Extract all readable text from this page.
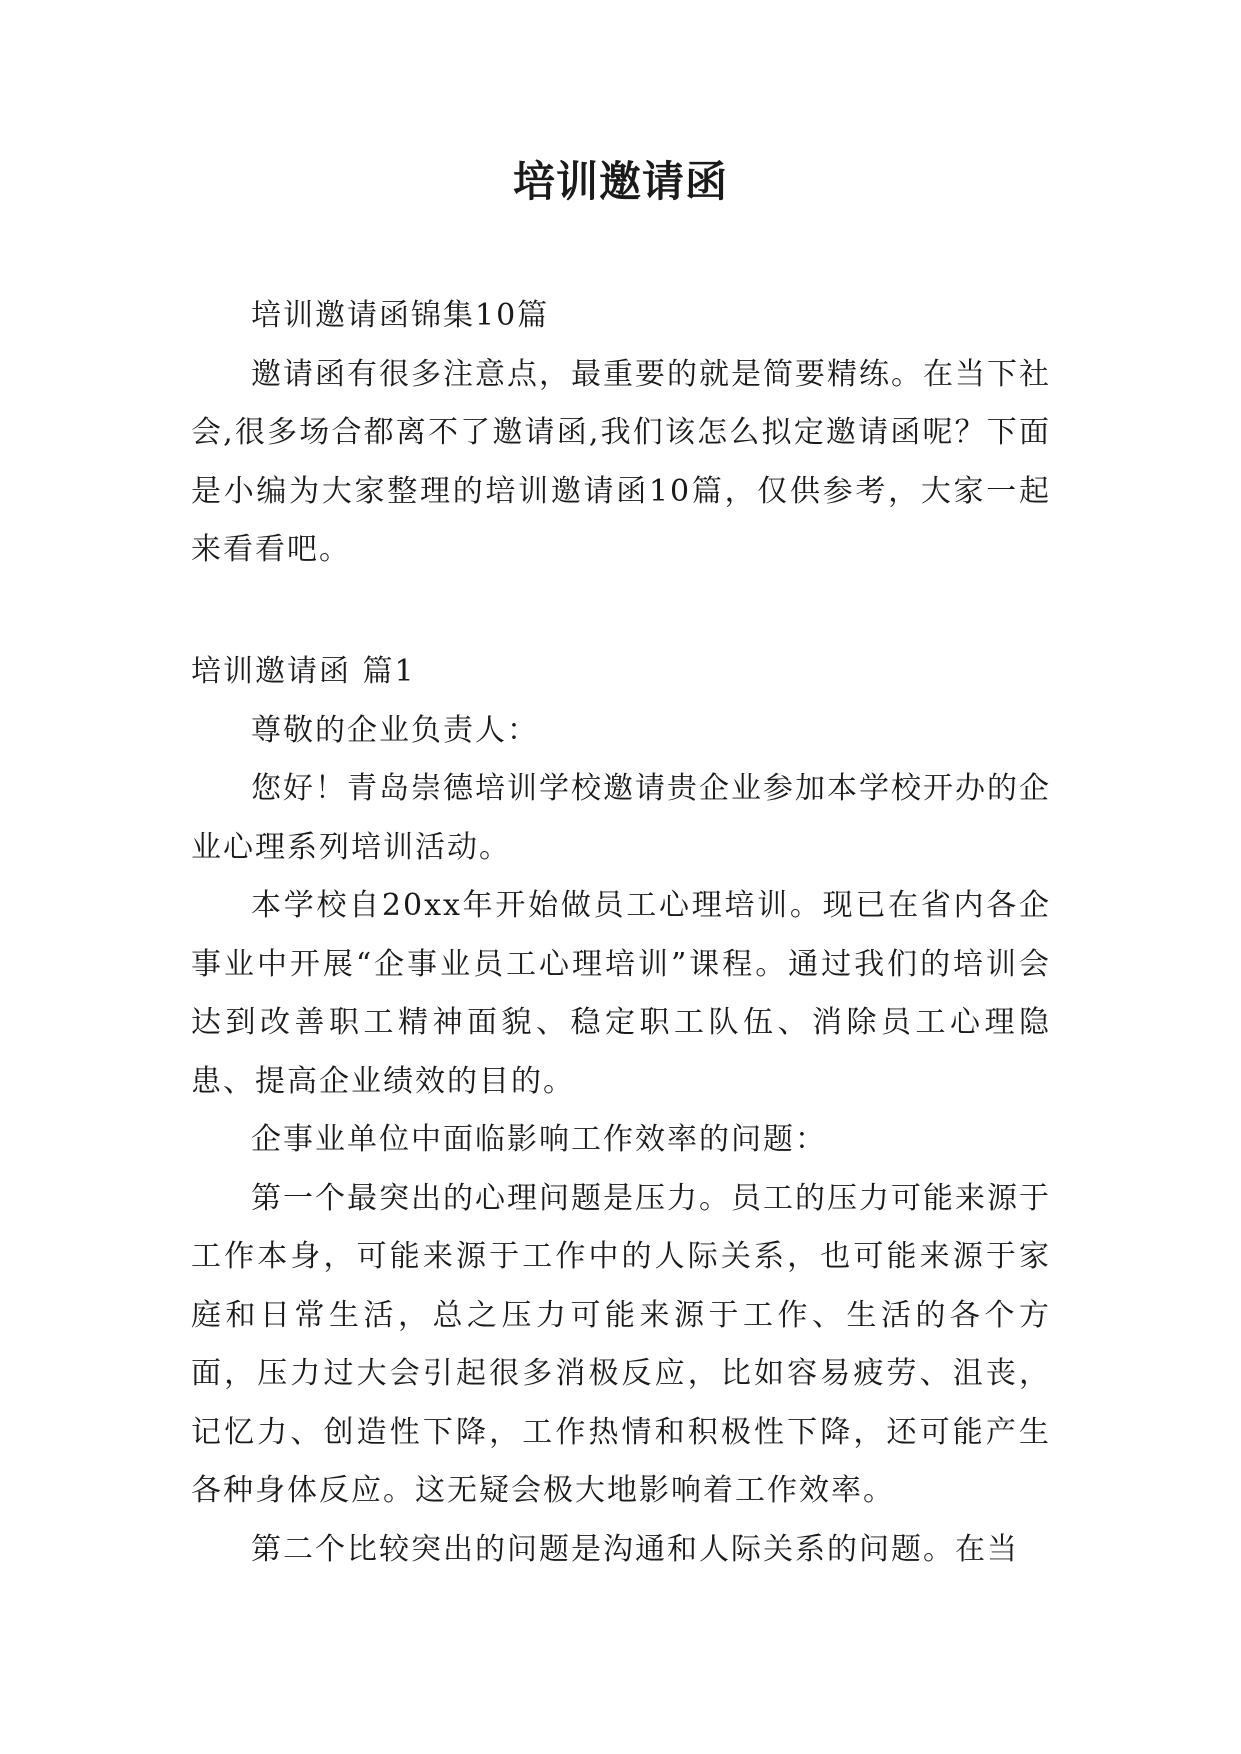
培训邀请函

培训邀请函锦集10篇

邀请函有很多注意点，最重要的就是简要精练。在当下社会,很多场合都离不了邀请函,我们该怎么拟定邀请函呢？下面是小编为大家整理的培训邀请函10篇，仅供参考，大家一起来看看吧。

培训邀请函 篇1

尊敬的企业负责人：

您好！青岛崇德培训学校邀请贵企业参加本学校开办的企业心理系列培训活动。

本学校自20xx年开始做员工心理培训。现已在省内各企事业中开展“企事业员工心理培训”课程。通过我们的培训会达到改善职工精神面貌、稳定职工队伍、消除员工心理隐患、提高企业绩效的目的。

企事业单位中面临影响工作效率的问题：

第一个最突出的心理问题是压力。员工的压力可能来源于工作本身，可能来源于工作中的人际关系，也可能来源于家庭和日常生活，总之压力可能来源于工作、生活的各个方面，压力过大会引起很多消极反应，比如容易疲劳、沮丧，记忆力、创造性下降，工作热情和积极性下降，还可能产生各种身体反应。这无疑会极大地影响着工作效率。

第二个比较突出的问题是沟通和人际关系的问题。在当
